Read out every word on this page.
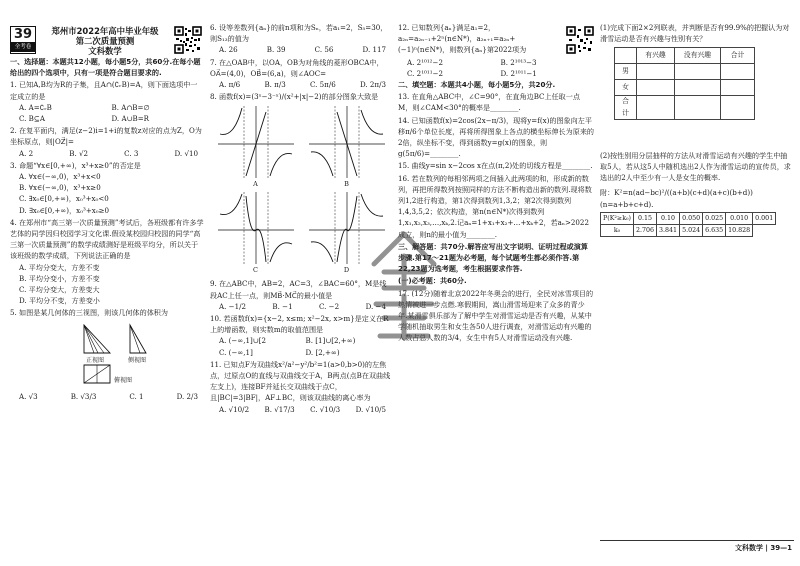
39
全考卷
郑州市2022年高中毕业年级
第二次质量预测
文科数学
一、选择题：本题共12小题，每小题5分，共60分.在每小题给出的四个选项中，只有一项是符合题目要求的.
1. 已知A,B均为R的子集，且A∩(∁ᵣB)=A，则下面选项中一定成立的是
A. A=∁ᵣB	B. A∩B=∅
C. B⊆A	D. A∪B=R
2. 在复平面内，满足(z−2)i=1+i的复数z对应的点为Z，O为坐标原点，则|OZ⃗|=
A. 2	B. √2	C. 3	D. √10
3. 命题“∀x∈[0,+∞)，x³+x≥0”的否定是
A. ∀x∈(−∞,0)，x³+x<0
B. ∀x∈(−∞,0)，x³+x≥0
C. ∃x₀∈[0,+∞)，x₀³+x₀<0
D. ∃x₀∈[0,+∞)，x₀³+x₀≥0
4. 在郑州市“高三第一次质量预测”考试后，各班级都有许多学艺体的同学因归校园学习文化课.假设某校园归校园的同学“高三第一次质量预测”的数学成绩测好是班级平均分，所以关于该班级的数学成绩，下列说法正确的是
A. 平均分变大，方差不变
B. 平均分变小，方差不变
C. 平均分变大，方差变大
D. 平均分不变，方差变小
5. 如图是某几何体的三视图，则该几何体的体积为
正视图	侧视图
俯视图
A. √3	B. √3/3	C. 1	D. 2/3
6. 设等差数列{aₙ}的前n项和为Sₙ，若a₁=2，S₅=30，则S₁₃的值为
A. 26	B. 39	C. 56	D. 117
7. 在△OAB中，以OA，OB为对角线的菱形OBCA中，OA⃗=(4,0)，OB⃗=(6,a)，则∠AOC=
A. π/6	B. π/3	C. 5π/6	D. 2π/3
8. 函数f(x)=(3ˣ−3⁻ˣ)/(x²+|x|−2)的部分图象大致是
A	B
C	D
9. 在△ABC中，AB=2，AC=3，∠BAC=60°，M是线段AC上任一点，则MB⃗·MC⃗的最小值是
A. −1/2	B. −1	C. −2	D. −4
10. 若函数f(x)={x−2, x≤m; x²−2x, x>m}是定义在R上的增函数，则实数m的取值范围是
A. (−∞,1]∪[2	B. [1]∪[2,+∞)
C. (−∞,1]	D. [2,+∞)
11. 已知点F为双曲线x²/a²−y²/b²=1(a>0,b>0)的左焦点，过原点O的直线与双曲线交于A，B两点(点B在双曲线左支上)，连接BF并延长交双曲线于点C，且|BC|=3|BF|，AF⊥BC，则该双曲线的离心率为
A. √10/2 B. √17/3 C. √10/3 D. √10/5
12. 已知数列{aₙ}满足a₁=2，a₂ₙ=a₂ₙ₋₁+2ⁿ(n∈N*)，a₂ₙ₊₁=a₂ₙ+(−1)ⁿ(n∈N*)，则数列{aₙ}第2022项为
A. 2¹⁰¹²−2	B. 2¹⁰¹³−3
C. 2¹⁰¹¹−2	D. 2¹⁰¹¹−1
二、填空题：本题共4小题，每小题5分，共20分.
13. 在直角△ABC中，∠C=90°，在直角边BC上任取一点M，则∠CAM<30°的概率是________.
14. 已知函数f(x)=2cos(2x−π/3)，现将y=f(x)的图象向左平移π/6个单位长度，再将所得图象上各点的横坐标伸长为原来的2倍，纵坐标不变，得到函数y=g(x)的图象，则g(5π/6)=________.
15. 曲线y=sin x−2cos x在点(π,2)处的切线方程是________.
16. 若在数列的每相邻两项之间插入此两项的和，形成新的数列，再把所得数列按照同样的方法不断构造出新的数列.现将数列1,2进行构造，第1次得到数列1,3,2；第2次得到数列1,4,3,5,2；依次构造，第n(n∈N*)次得到数列1,x₁,x₂,x₃,…,xₖ,2.记aₙ=1+x₁+x₂+…+xₖ+2，若aₙ>2022成立，则n的最小值为________.
三、解答题：共70分.解答应写出文字说明、证明过程或演算步骤.第17～21题为必考题，每个试题考生都必须作答.第22,23题为选考题，考生根据要求作答.
(一)必考题：共60分.
17. (12分)随着北京2022年冬奥会的进行，全民对冰雪项目的热情被进一步点燃.寒假期间，嵩山滑雪场迎来了众多的青少年.某滑雪俱乐部为了解中学生对滑雪运动是否有兴趣，从某中学随机抽取男生和女生各50人进行调查，对滑雪运动有兴趣的人数占总人数的3/4，女生中有5人对滑雪运动没有兴趣.
(1)完成下面2×2列联表，并判断是否有99.9%的把握认为对滑雪运动是否有兴趣与性别有关？
	有兴趣	没有兴趣	合计
男			
女			
合计			
(2)按性别用分层抽样的方法从对滑雪运动有兴趣的学生中抽取5人，若从这5人中随机选出2人作为滑雪运动的宣传员，求选出的2人中至少有一人是女生的概率.
附：K²=n(ad−bc)²/((a+b)(c+d)(a+c)(b+d))(n=a+b+c+d).
P(K²≥k₀)	0.15	0.10	0.050	0.025	0.010	0.001
k₀	2.706	3.841	5.024	6.635	10.828	
文科数学 | 39—1
